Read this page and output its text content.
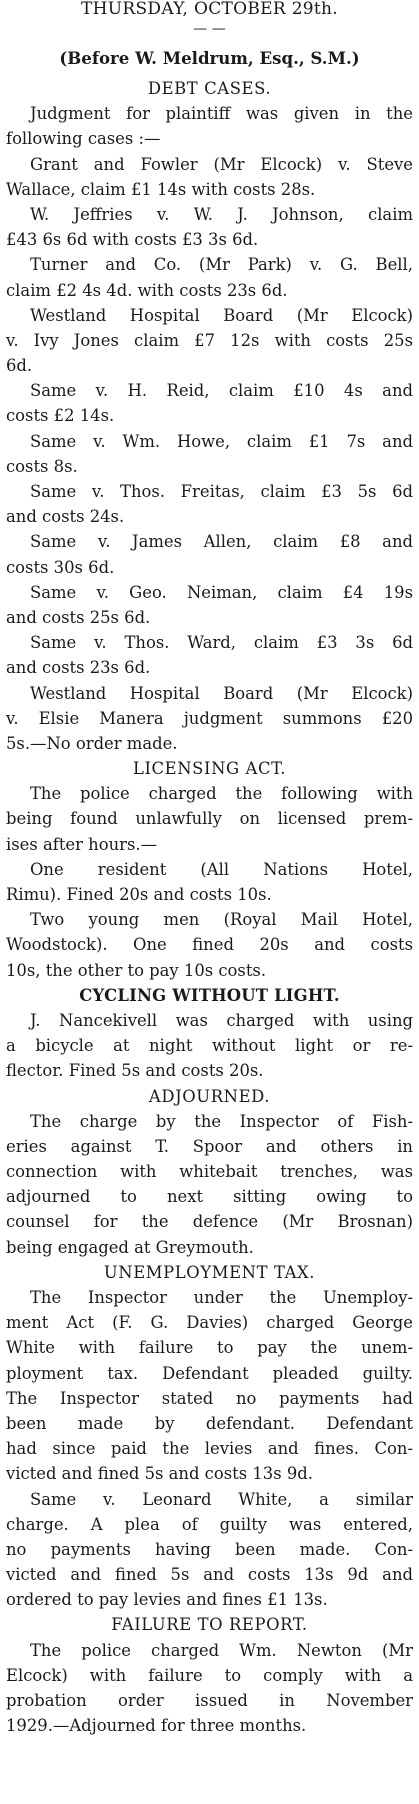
THURSDAY, OCTOBER 29th.
— —
(Before W. Meldrum, Esq., S.M.)
DEBT CASES.
Judgment for plaintiff was given in the
following cases :—
Grant and Fowler (Mr Elcock) v. Steve
Wallace, claim £1 14s with costs 28s.
W. Jeffries v. W. J. Johnson, claim
£43 6s 6d with costs £3 3s 6d.
Turner and Co. (Mr Park) v. G. Bell,
claim £2 4s 4d. with costs 23s 6d.
Westland Hospital Board (Mr Elcock)
v. Ivy Jones claim £7 12s with costs 25s
6d.
Same v. H. Reid, claim £10 4s and
costs £2 14s.
Same v. Wm. Howe, claim £1 7s and
costs 8s.
Same v. Thos. Freitas, claim £3 5s 6d
and costs 24s.
Same v. James Allen, claim £8 and
costs 30s 6d.
Same v. Geo. Neiman, claim £4 19s
and costs 25s 6d.
Same v. Thos. Ward, claim £3 3s 6d
and costs 23s 6d.
Westland Hospital Board (Mr Elcock)
v. Elsie Manera judgment summons £20
5s.—No order made.
LICENSING ACT.
The police charged the following with
being found unlawfully on licensed prem-
ises after hours.—
One resident (All Nations Hotel,
Rimu). Fined 20s and costs 10s.
Two young men (Royal Mail Hotel,
Woodstock). One fined 20s and costs
10s, the other to pay 10s costs.
CYCLING WITHOUT LIGHT.
J. Nancekivell was charged with using
a bicycle at night without light or re-
flector. Fined 5s and costs 20s.
ADJOURNED.
The charge by the Inspector of Fish-
eries against T. Spoor and others in
connection with whitebait trenches, was
adjourned to next sitting owing to
counsel for the defence (Mr Brosnan)
being engaged at Greymouth.
UNEMPLOYMENT TAX.
The Inspector under the Unemploy-
ment Act (F. G. Davies) charged George
White with failure to pay the unem-
ployment tax. Defendant pleaded guilty.
The Inspector stated no payments had
been made by defendant. Defendant
had since paid the levies and fines. Con-
victed and fined 5s and costs 13s 9d.
Same v. Leonard White, a similar
charge. A plea of guilty was entered,
no payments having been made. Con-
victed and fined 5s and costs 13s 9d and
ordered to pay levies and fines £1 13s.
FAILURE TO REPORT.
The police charged Wm. Newton (Mr
Elcock) with failure to comply with a
probation order issued in November
1929.—Adjourned for three months.
